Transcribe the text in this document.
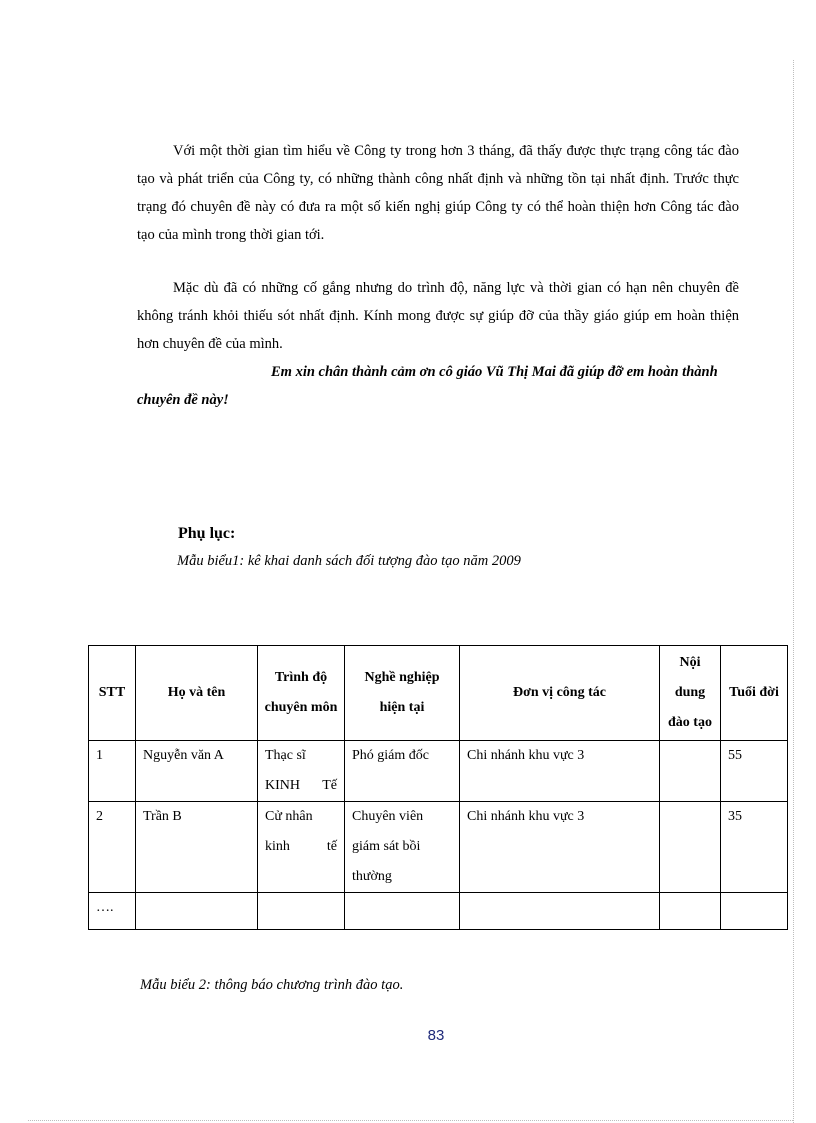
Với một thời gian tìm hiểu về Công ty trong hơn 3 tháng, đã thấy được thực trạng công tác đào tạo và phát triển của Công ty, có những thành công nhất định và những tồn tại nhất định. Trước thực trạng đó chuyên đề này có đưa ra một số kiến nghị giúp Công ty có thể hoàn thiện hơn Công tác đào tạo của mình trong thời gian tới.

Mặc dù đã có những cố gắng nhưng do trình độ, năng lực và thời gian có hạn nên chuyên đề không tránh khỏi thiếu sót nhất định. Kính mong được sự giúp đỡ của thầy giáo giúp em hoàn thiện hơn chuyên đề của mình.

Em xin chân thành cảm ơn cô giáo Vũ Thị Mai đã giúp đỡ em hoàn thành chuyên đề này!

Phụ lục:

Mẫu biểu1: kê khai danh sách đối tượng đào tạo năm 2009

STT	Họ và tên	Trình độ chuyên môn	Nghề nghiệp hiện tại	Đơn vị công tác	Nội dung đào tạo	Tuổi đời
1	Nguyễn văn A	Thạc sĩ KINH Tế	Phó giám đốc	Chi nhánh khu vực 3		55
2	Trần B	Cử nhân kinh tế	Chuyên viên giám sát bồi thường	Chi nhánh khu vực 3		35
….						

Mẫu biểu 2: thông báo chương trình đào tạo.

83
